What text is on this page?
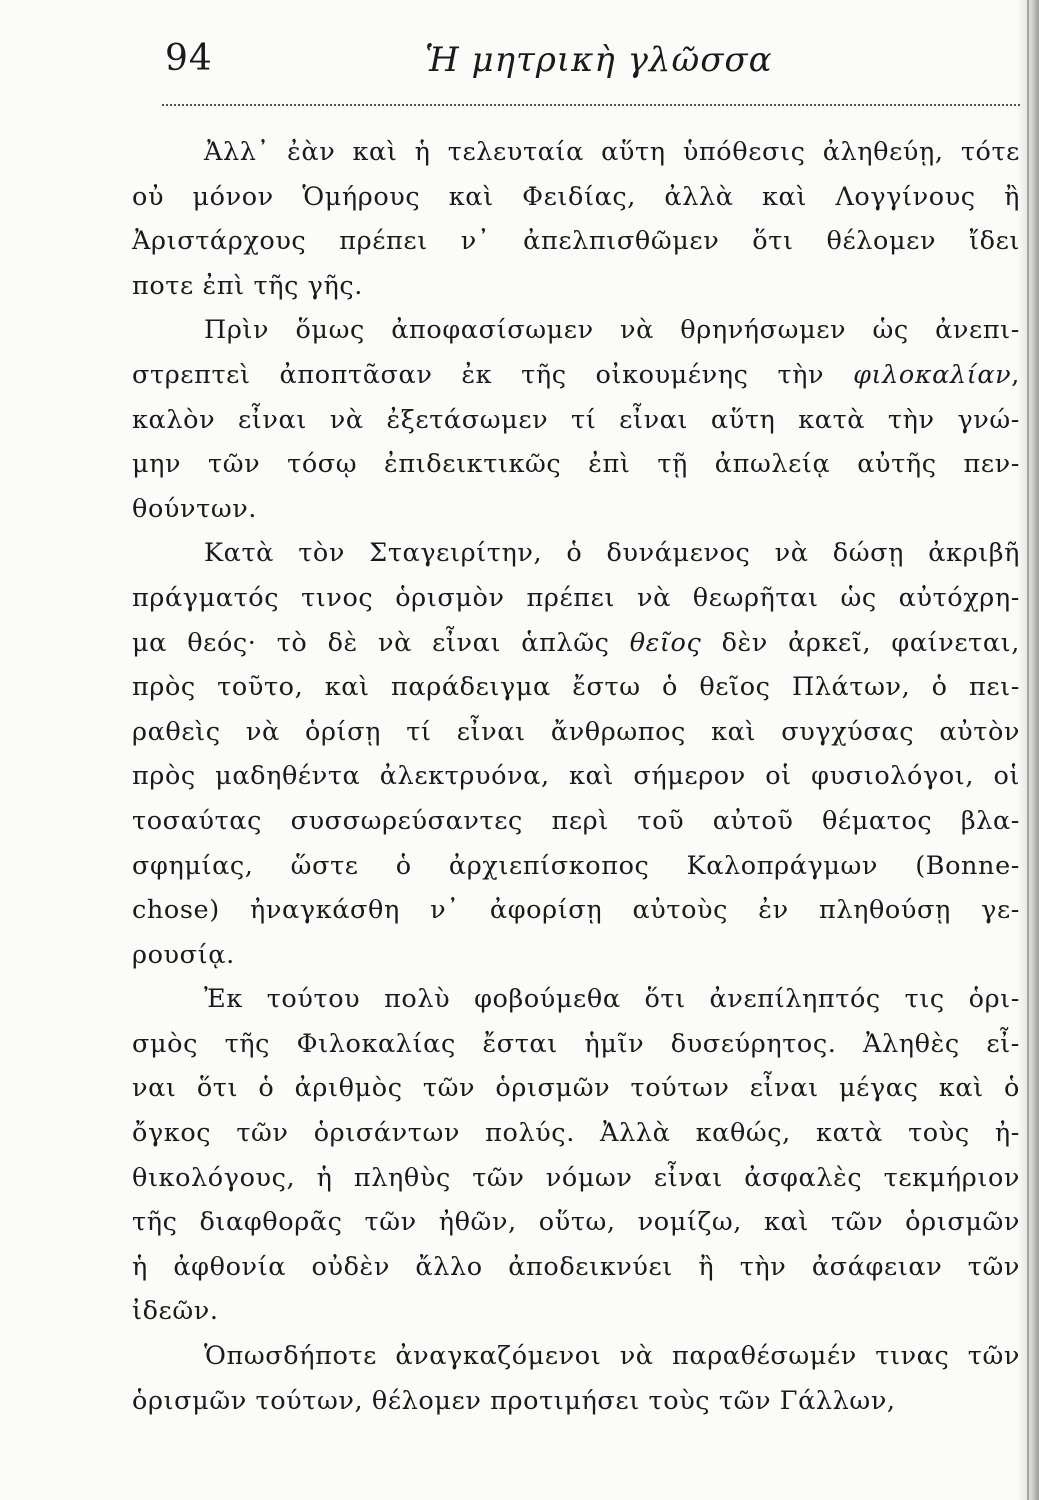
94	Ἡ μητρικὴ γλῶσσα
Ἀλλ᾽ ἐὰν καὶ ἡ τελευταία αὕτη ὑπόθεσις ἀληθεύῃ, τότε
οὐ μόνον Ὁμήρους καὶ Φειδίας, ἀλλὰ καὶ Λογγίνους ἢ
Ἀριστάρχους πρέπει ν᾽ ἀπελπισθῶμεν ὅτι θέλομεν ἴδει
ποτε ἐπὶ τῆς γῆς.
Πρὶν ὅμως ἀποφασίσωμεν νὰ θρηνήσωμεν ὡς ἀνεπι-
στρεπτεὶ ἀποπτᾶσαν ἐκ τῆς οἰκουμένης τὴν φιλοκαλίαν,
καλὸν εἶναι νὰ ἐξετάσωμεν τί εἶναι αὕτη κατὰ τὴν γνώ-
μην τῶν τόσῳ ἐπιδεικτικῶς ἐπὶ τῇ ἀπωλείᾳ αὐτῆς πεν-
θούντων.
Κατὰ τὸν Σταγειρίτην, ὁ δυνάμενος νὰ δώσῃ ἀκριβῆ
πράγματός τινος ὁρισμὸν πρέπει νὰ θεωρῆται ὡς αὐτόχρη-
μα θεός· τὸ δὲ νὰ εἶναι ἁπλῶς θεῖος δὲν ἀρκεῖ, φαίνεται,
πρὸς τοῦτο, καὶ παράδειγμα ἔστω ὁ θεῖος Πλάτων, ὁ πει-
ραθεὶς νὰ ὁρίσῃ τί εἶναι ἄνθρωπος καὶ συγχύσας αὐτὸν
πρὸς μαδηθέντα ἀλεκτρυόνα, καὶ σήμερον οἱ φυσιολόγοι, οἱ
τοσαύτας συσσωρεύσαντες περὶ τοῦ αὐτοῦ θέματος βλα-
σφημίας, ὥστε ὁ ἀρχιεπίσκοπος Καλοπράγμων (Bonne-
chose) ἠναγκάσθη ν᾽ ἀφορίσῃ αὐτοὺς ἐν πληθούσῃ γε-
ρουσίᾳ.
Ἐκ τούτου πολὺ φοβούμεθα ὅτι ἀνεπίληπτός τις ὁρι-
σμὸς τῆς Φιλοκαλίας ἔσται ἡμῖν δυσεύρητος. Ἀληθὲς εἶ-
ναι ὅτι ὁ ἀριθμὸς τῶν ὁρισμῶν τούτων εἶναι μέγας καὶ ὁ
ὄγκος τῶν ὁρισάντων πολύς. Ἀλλὰ καθώς, κατὰ τοὺς ἠ-
θικολόγους, ἡ πληθὺς τῶν νόμων εἶναι ἀσφαλὲς τεκμήριον
τῆς διαφθορᾶς τῶν ἠθῶν, οὕτω, νομίζω, καὶ τῶν ὁρισμῶν
ἡ ἀφθονία οὐδὲν ἄλλο ἀποδεικνύει ἢ τὴν ἀσάφειαν τῶν
ἰδεῶν.
Ὁπωσδήποτε ἀναγκαζόμενοι νὰ παραθέσωμέν τινας τῶν
ὁρισμῶν τούτων, θέλομεν προτιμήσει τοὺς τῶν Γάλλων,
